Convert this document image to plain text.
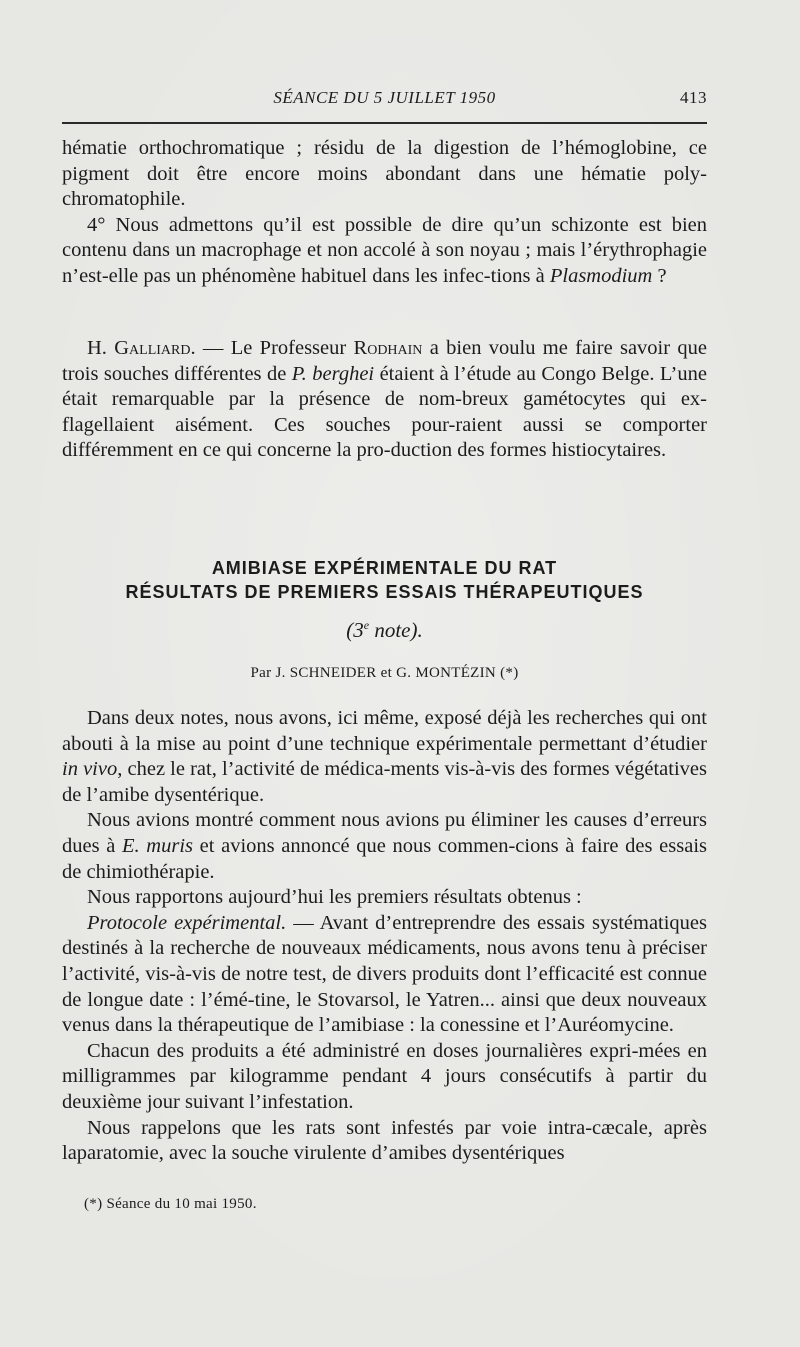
SÉANCE DU 5 JUILLET 1950	413

hématie orthochromatique ; résidu de la digestion de l’hémoglobine, ce pigment doit être encore moins abondant dans une hématie poly-chromatophile.

4° Nous admettons qu’il est possible de dire qu’un schizonte est bien contenu dans un macrophage et non accolé à son noyau ; mais l’érythrophagie n’est-elle pas un phénomène habituel dans les infec-tions à Plasmodium ?

H. Galliard. — Le Professeur Rodhain a bien voulu me faire savoir que trois souches différentes de P. berghei étaient à l’étude au Congo Belge. L’une était remarquable par la présence de nom-breux gamétocytes qui ex-flagellaient aisément. Ces souches pour-raient aussi se comporter différemment en ce qui concerne la pro-duction des formes histiocytaires.

AMIBIASE EXPÉRIMENTALE DU RAT
RÉSULTATS DE PREMIERS ESSAIS THÉRAPEUTIQUES
(3e note).
Par J. SCHNEIDER et G. MONTÉZIN (*)

Dans deux notes, nous avons, ici même, exposé déjà les recherches qui ont abouti à la mise au point d’une technique expérimentale permettant d’étudier in vivo, chez le rat, l’activité de médica-ments vis-à-vis des formes végétatives de l’amibe dysentérique.

Nous avions montré comment nous avions pu éliminer les causes d’erreurs dues à E. muris et avions annoncé que nous commen-cions à faire des essais de chimiothérapie.

Nous rapportons aujourd’hui les premiers résultats obtenus :

Protocole expérimental. — Avant d’entreprendre des essais systématiques destinés à la recherche de nouveaux médicaments, nous avons tenu à préciser l’activité, vis-à-vis de notre test, de divers produits dont l’efficacité est connue de longue date : l’émé-tine, le Stovarsol, le Yatren... ainsi que deux nouveaux venus dans la thérapeutique de l’amibiase : la conessine et l’Auréomycine.

Chacun des produits a été administré en doses journalières expri-mées en milligrammes par kilogramme pendant 4 jours consécutifs à partir du deuxième jour suivant l’infestation.

Nous rappelons que les rats sont infestés par voie intra-cæcale, après laparatomie, avec la souche virulente d’amibes dysentériques

(*) Séance du 10 mai 1950.
